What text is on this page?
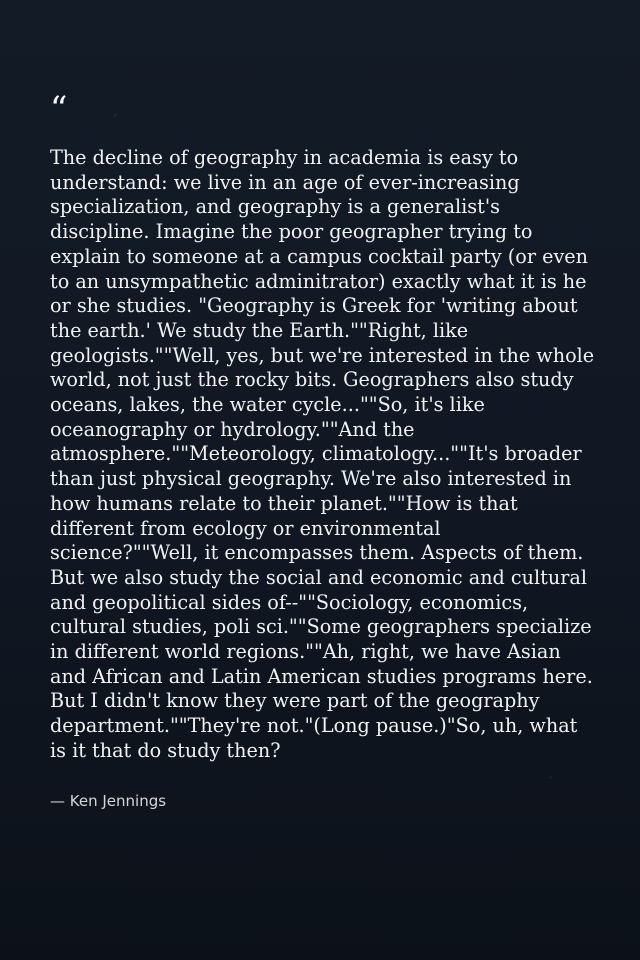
“

The decline of geography in academia is easy to understand: we live in an age of ever-increasing specialization, and geography is a generalist's discipline. Imagine the poor geographer trying to explain to someone at a campus cocktail party (or even to an unsympathetic adminitrator) exactly what it is he or she studies. "Geography is Greek for 'writing about the earth.' We study the Earth.""Right, like geologists.""Well, yes, but we're interested in the whole world, not just the rocky bits. Geographers also study oceans, lakes, the water cycle...""So, it's like oceanography or hydrology.""And the atmosphere.""Meteorology, climatology...""It's broader than just physical geography. We're also interested in how humans relate to their planet.""How is that different from ecology or environmental science?""Well, it encompasses them. Aspects of them. But we also study the social and economic and cultural and geopolitical sides of--""Sociology, economics, cultural studies, poli sci.""Some geographers specialize in different world regions.""Ah, right, we have Asian and African and Latin American studies programs here. But I didn't know they were part of the geography department.""They're not."(Long pause.)"So, uh, what is it that do study then?

— Ken Jennings
